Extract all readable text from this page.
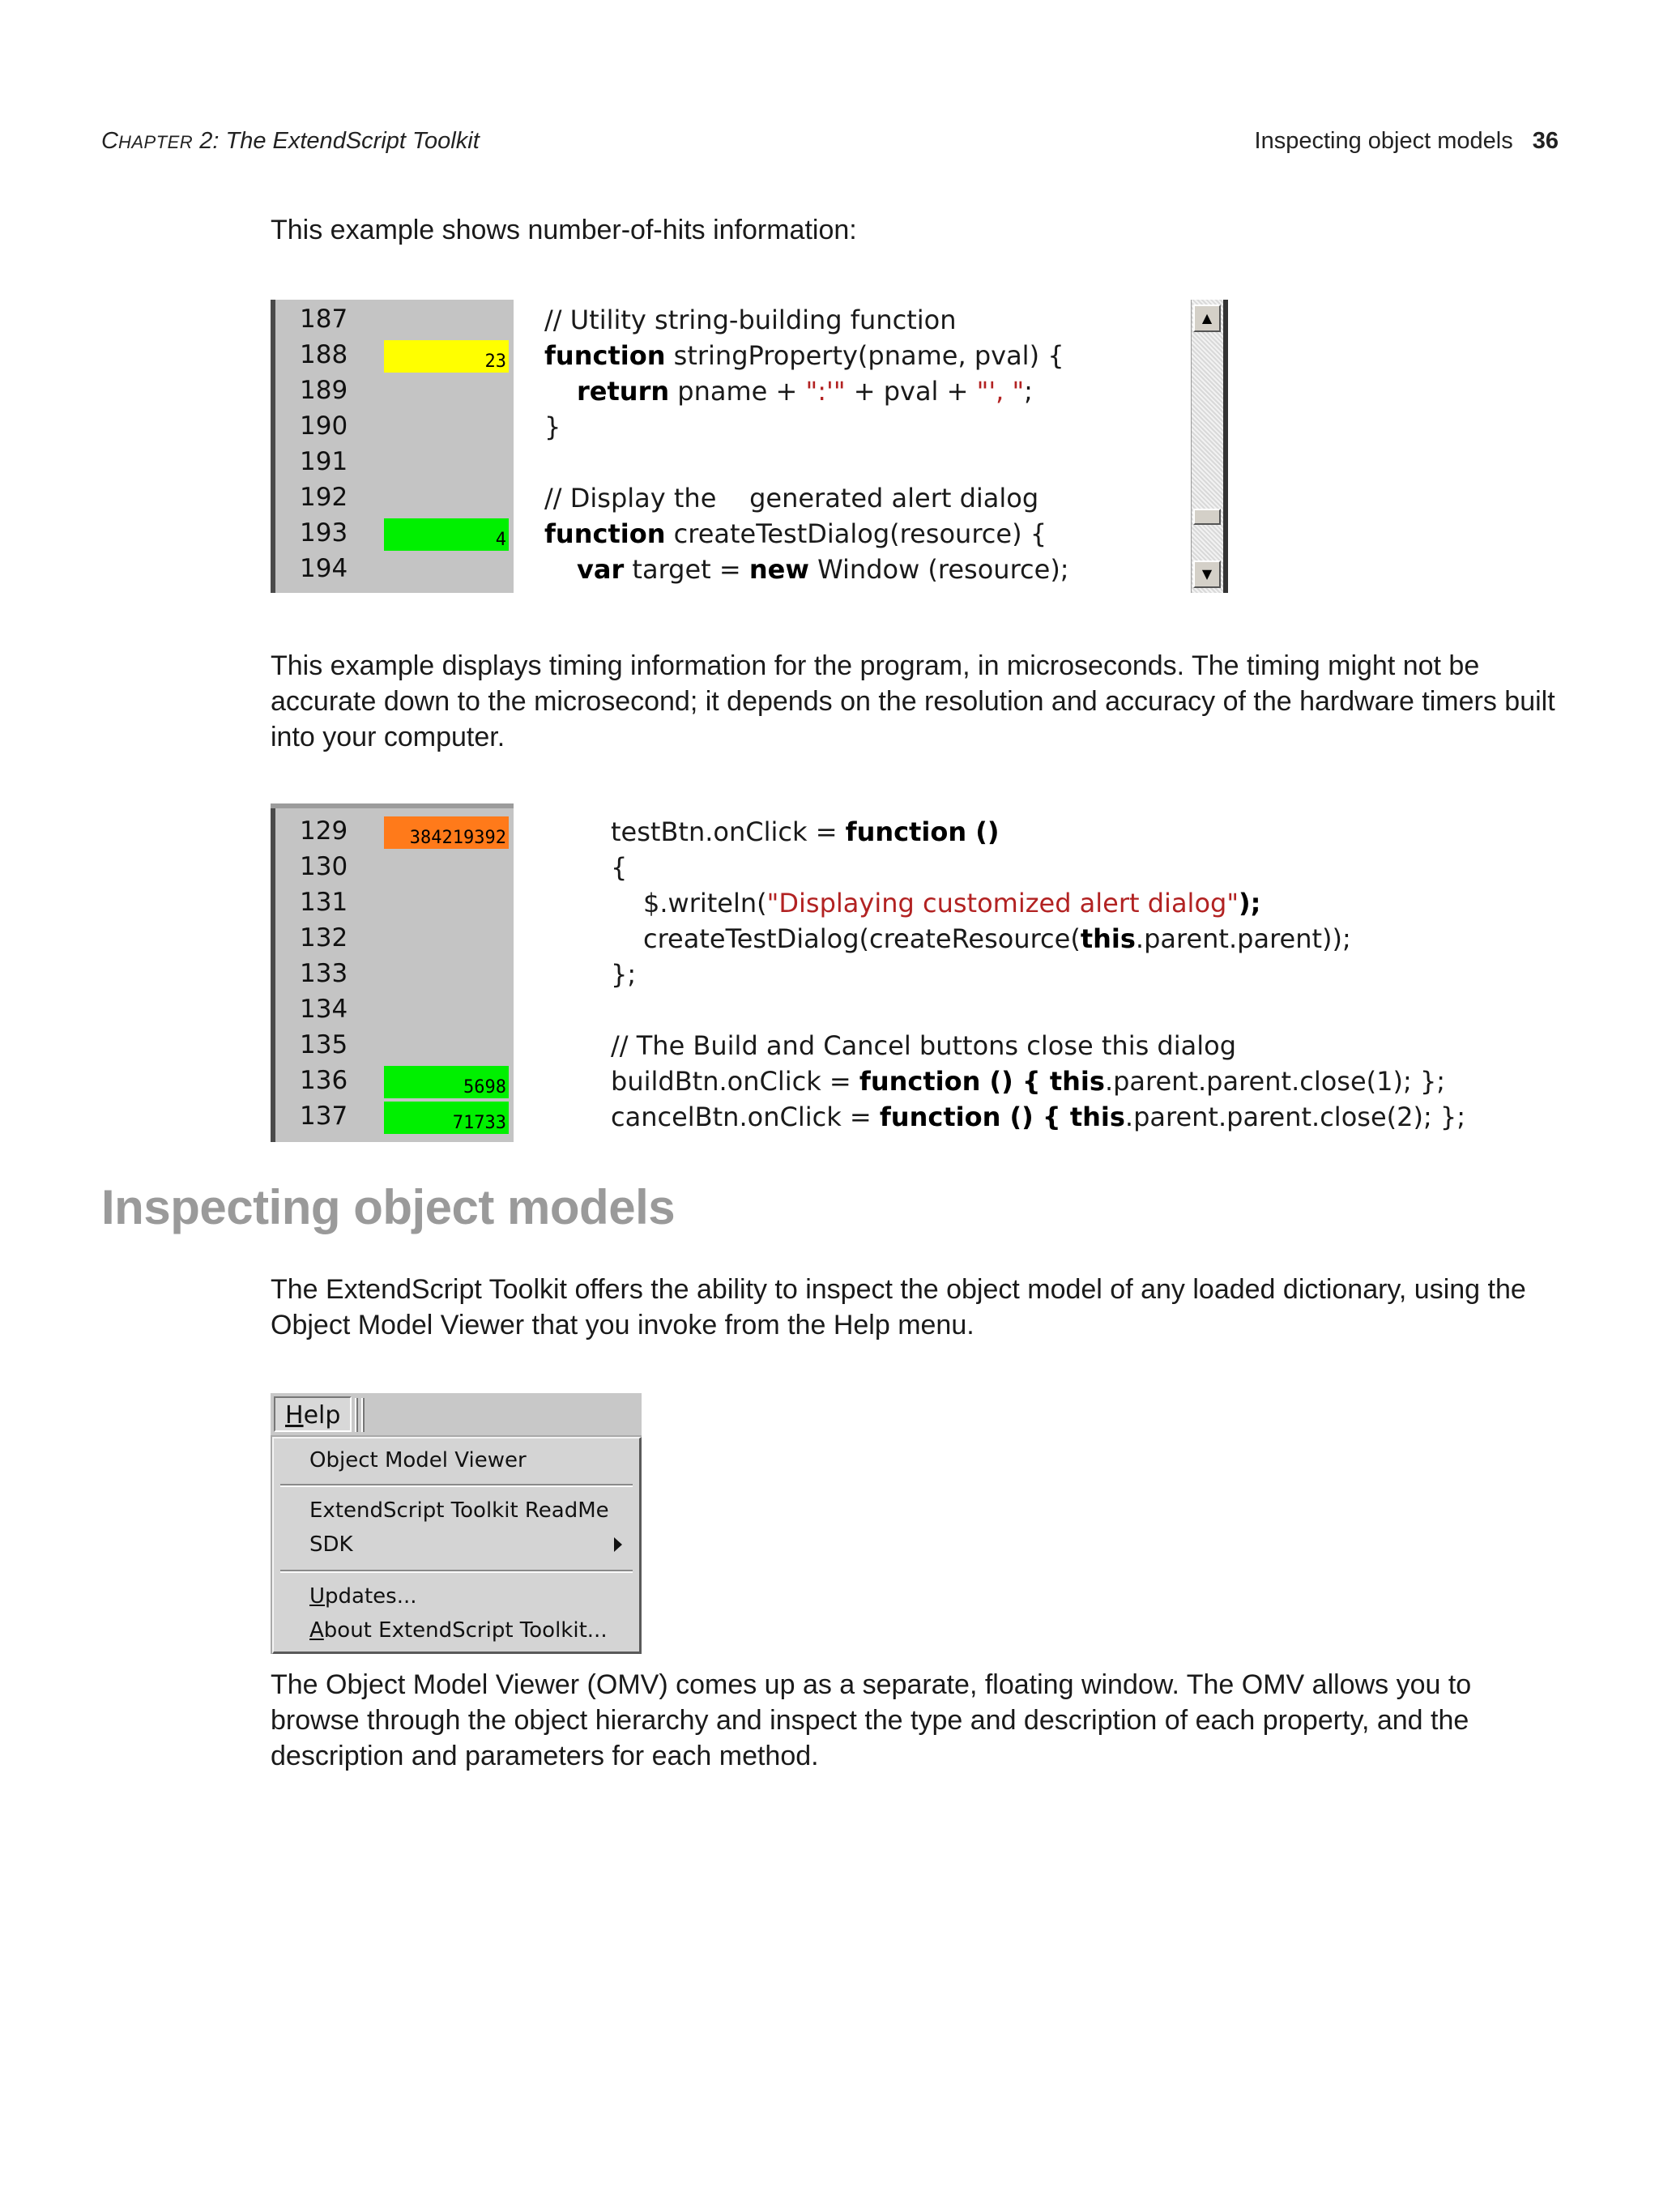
CHAPTER 2: The ExtendScript Toolkit	Inspecting object models 36
This example shows number-of-hits information:
187
188	23
189
190
191
192
193	4
194
// Utility string-building function
function stringProperty(pname, pval) {
return pname + ":'" + pval + "', ";
}
// Display the    generated alert dialog
function createTestDialog(resource) {
var target = new Window (resource);
▲
▼
This example displays timing information for the program, in microseconds. The timing might not be accurate down to the microsecond; it depends on the resolution and accuracy of the hardware timers built into your computer.
129	384219392
130
131
132
133
134
135
136	5698
137	71733
testBtn.onClick = function ()
{
$.writeln("Displaying customized alert dialog");
createTestDialog(createResource(this.parent.parent));
};
// The Build and Cancel buttons close this dialog
buildBtn.onClick = function () { this.parent.parent.close(1); };
cancelBtn.onClick = function () { this.parent.parent.close(2); };
Inspecting object models
The ExtendScript Toolkit offers the ability to inspect the object model of any loaded dictionary, using the Object Model Viewer that you invoke from the Help menu.
Help
Object Model Viewer
ExtendScript Toolkit ReadMe
SDK
Updates...
About ExtendScript Toolkit...
The Object Model Viewer (OMV) comes up as a separate, floating window. The OMV allows you to browse through the object hierarchy and inspect the type and description of each property, and the description and parameters for each method.
